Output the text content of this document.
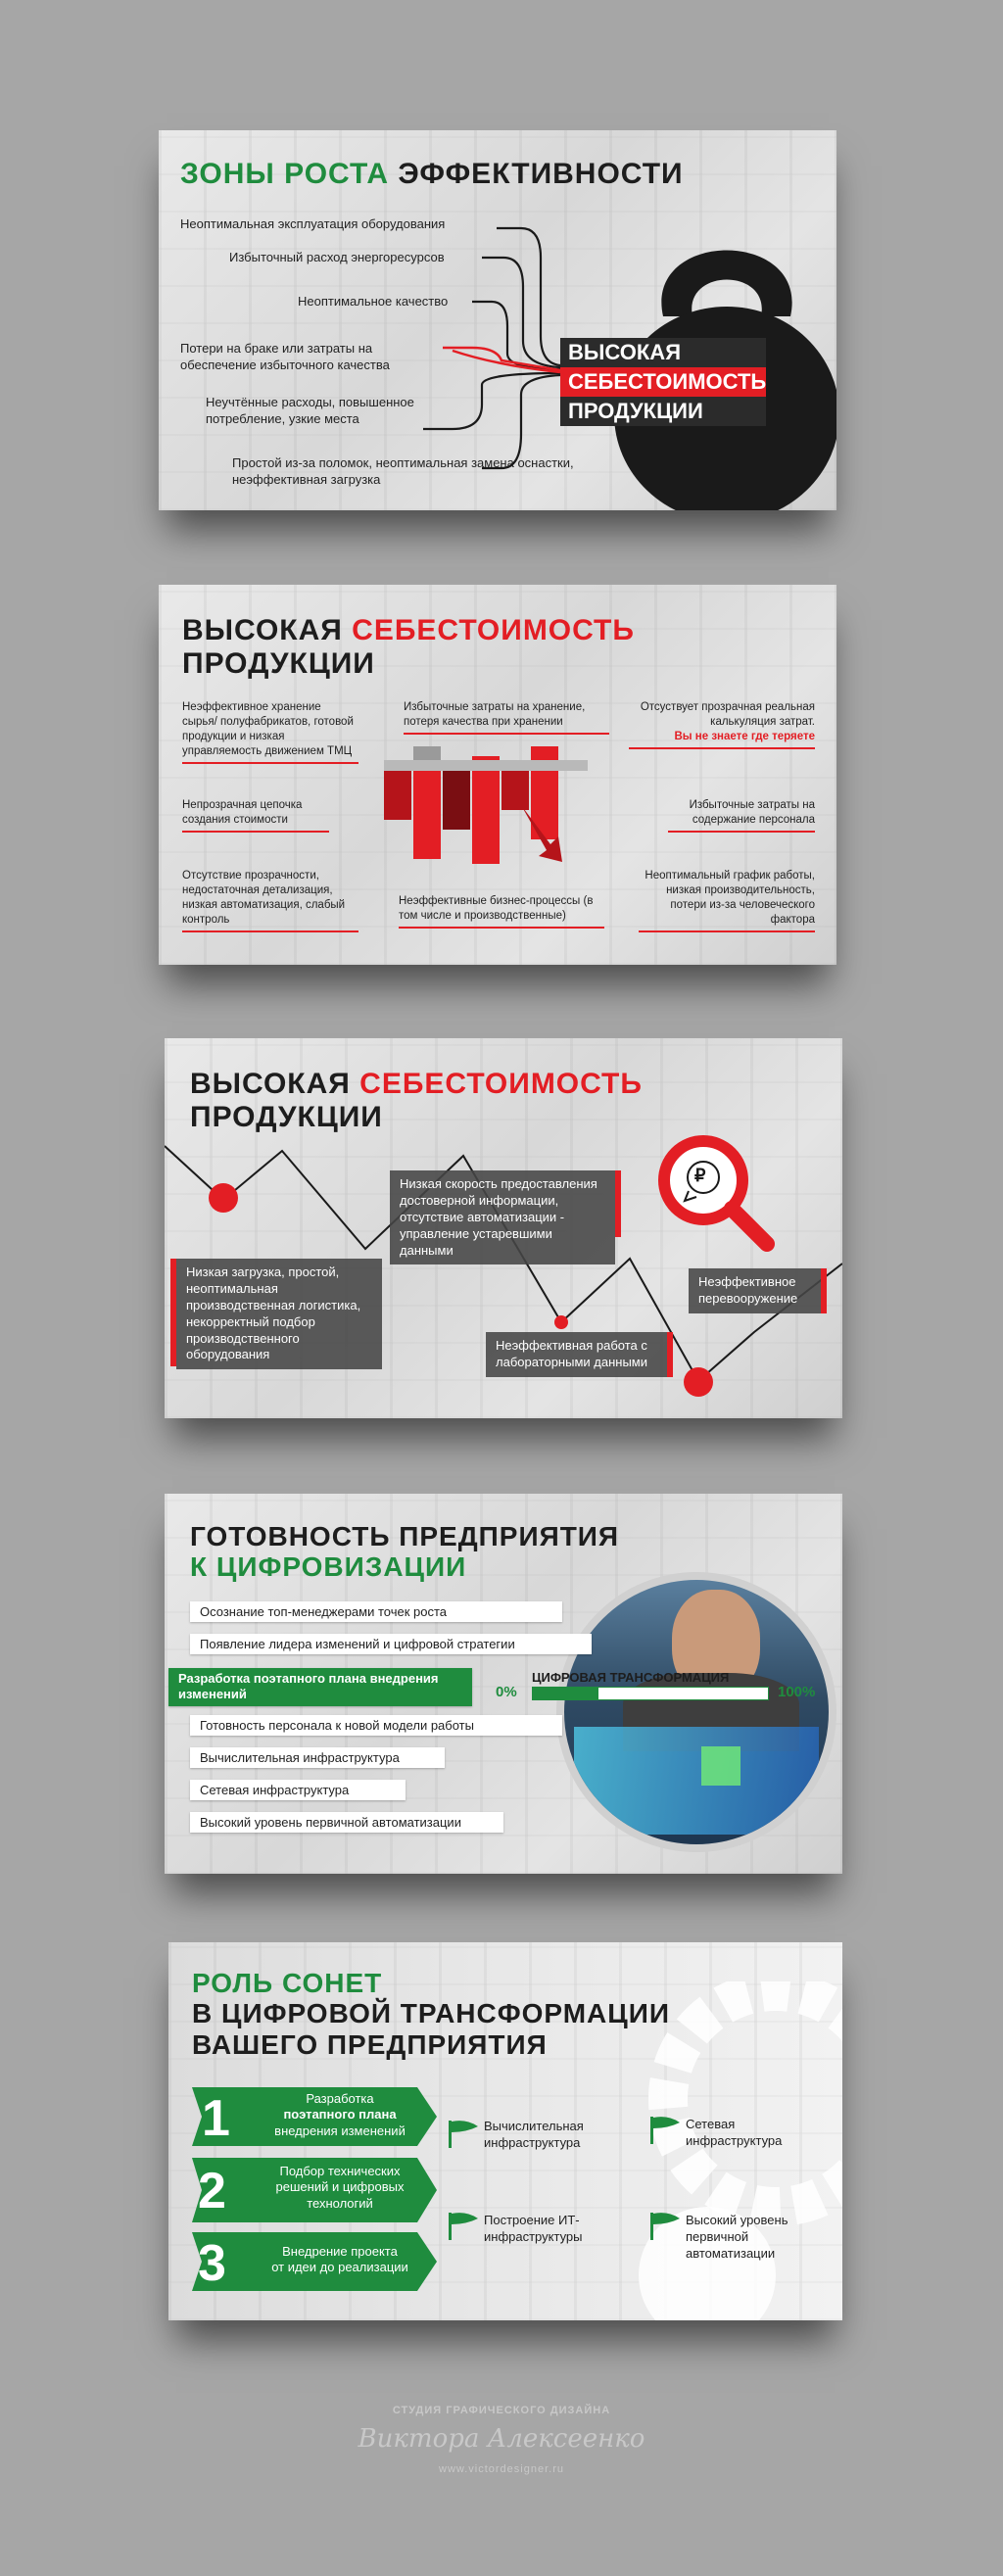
ЗОНЫ РОСТА ЭФФЕКТИВНОСТИ
Неоптимальная эксплуатация оборудования
Избыточный расход энергоресурсов
Неоптимальное качество
Потери на браке или затраты на обеспечение избыточного качества
Неучтённые расходы, повышенное потребление, узкие места
Простой из-за поломок, неоптимальная замена оснастки, неэффективная загрузка
ВЫСОКАЯ
СЕБЕСТОИМОСТЬ
ПРОДУКЦИИ
ВЫСОКАЯ СЕБЕСТОИМОСТЬ
ПРОДУКЦИИ
Неэффективное хранение сырья/ полуфабрикатов, готовой продукции и низкая управляемость движением ТМЦ
Избыточные затраты на хранение, потеря качества при хранении
Отсуствует прозрачная реальная калькуляция затрат.
Вы не знаете где теряете
Непрозрачная цепочка создания стоимости
Избыточные затраты на содержание персонала
Отсутствие прозрачности, недостаточная детализация, низкая автоматизация, слабый контроль
Неэффективные бизнес-процессы (в том числе и производственные)
Неоптимальный график работы, низкая производительность, потери из-за человеческого фактора
ВЫСОКАЯ СЕБЕСТОИМОСТЬ
ПРОДУКЦИИ
₽
Низкая скорость предоставления достоверной информации, отсутствие автоматизации - управление устаревшими данными
Низкая загрузка, простой, неоптимальная производственная логистика, некорректный подбор производственного оборудования
Неэффективная работа с лабораторными данными
Неэффективное перевооружение
ГОТОВНОСТЬ ПРЕДПРИЯТИЯ
К ЦИФРОВИЗАЦИИ
Осознание топ-менеджерами точек роста
Появление лидера изменений и цифровой стратегии
Разработка поэтапного плана внедрения изменений
Готовность персонала к новой модели работы
Вычислительная инфраструктура
Сетевая инфраструктура
Высокий уровень первичной автоматизации
0%
ЦИФРОВАЯ ТРАНСФОРМАЦИЯ
100%
РОЛЬ СОНЕТ
В ЦИФРОВОЙ ТРАНСФОРМАЦИИ
ВАШЕГО ПРЕДПРИЯТИЯ
1	Разработка
поэтапного плана
внедрения изменений
2	Подбор технических
решений и цифровых технологий
3	Внедрение проекта
от идеи до реализации
Вычислительная инфраструктура
Сетевая инфраструктура
Построение ИТ-инфраструктуры
Высокий уровень первичной автоматизации
СТУДИЯ ГРАФИЧЕСКОГО ДИЗАЙНА
Виктора Алексеенко
www.victordesigner.ru
